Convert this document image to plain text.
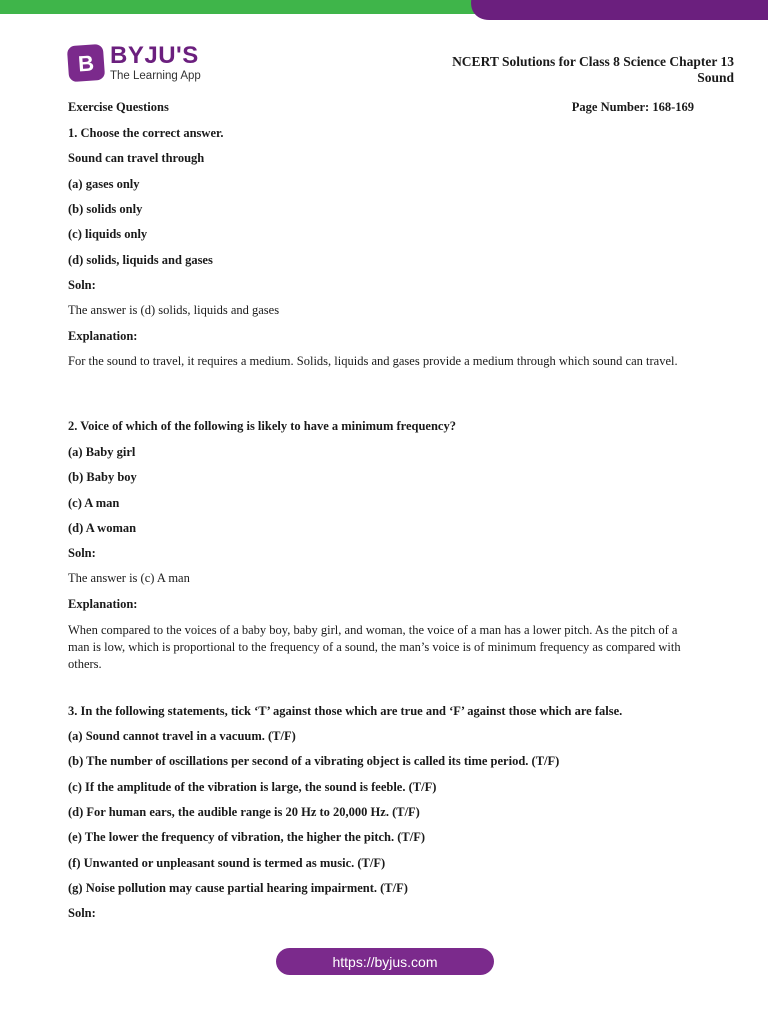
B BYJU'S
The Learning App
NCERT Solutions for Class 8 Science Chapter 13
Sound
Exercise Questions	Page Number: 168-169
1. Choose the correct answer.
Sound can travel through
(a) gases only
(b) solids only
(c) liquids only
(d) solids, liquids and gases
Soln:
The answer is (d) solids, liquids and gases
Explanation:
For the sound to travel, it requires a medium. Solids, liquids and gases provide a medium through which sound can travel.
2. Voice of which of the following is likely to have a minimum frequency?
(a) Baby girl
(b) Baby boy
(c) A man
(d) A woman
Soln:
The answer is (c) A man
Explanation:
When compared to the voices of a baby boy, baby girl, and woman, the voice of a man has a lower pitch. As the pitch of a man is low, which is proportional to the frequency of a sound, the man’s voice is of minimum frequency as compared with others.
3. In the following statements, tick ‘T’ against those which are true and ‘F’ against those which are false.
(a) Sound cannot travel in a vacuum. (T/F)
(b) The number of oscillations per second of a vibrating object is called its time period. (T/F)
(c) If the amplitude of the vibration is large, the sound is feeble. (T/F)
(d) For human ears, the audible range is 20 Hz to 20,000 Hz. (T/F)
(e) The lower the frequency of vibration, the higher the pitch. (T/F)
(f) Unwanted or unpleasant sound is termed as music. (T/F)
(g) Noise pollution may cause partial hearing impairment. (T/F)
Soln:
https://byjus.com
